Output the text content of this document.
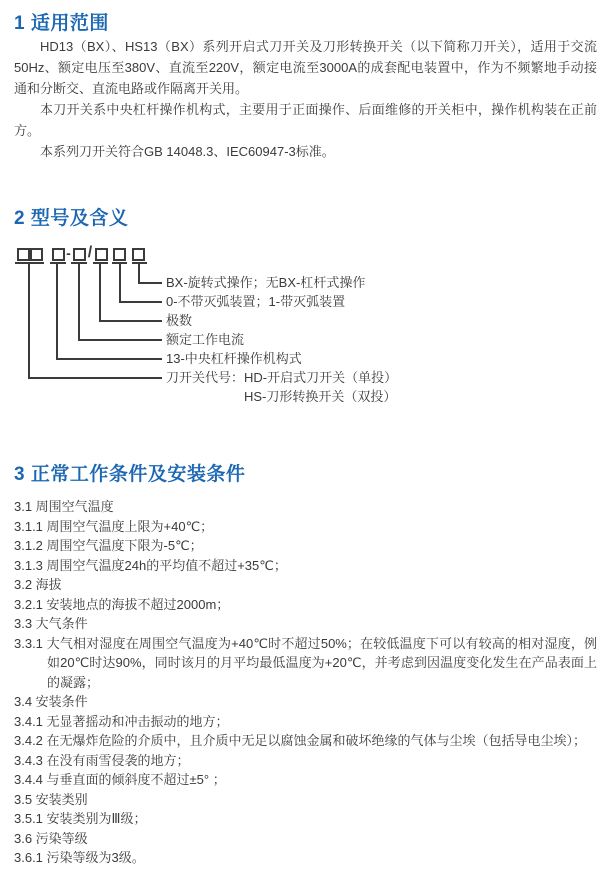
1 适用范围

HD13（BX）、HS13（BX）系列开启式刀开关及刀形转换开关（以下简称刀开关），适用于交流50Hz、额定电压至380V、直流至220V，额定电流至3000A的成套配电装置中，作为不频繁地手动接通和分断交、直流电路或作隔离开关用。

本刀开关系中央杠杆操作机构式，主要用于正面操作、后面维修的开关柜中，操作机构装在正前方。

本系列刀开关符合GB 14048.3、IEC60947-3标准。

2 型号及含义
- /
BX-旋转式操作；无BX-杠杆式操作
0-不带灭弧装置；1-带灭弧装置
极数
额定工作电流
13-中央杠杆操作机构式
刀开关代号：HD-开启式刀开关（单投）
HS-刀形转换开关（双投）
3 正常工作条件及安装条件

3.1 周围空气温度

3.1.1 周围空气温度上限为+40℃；

3.1.2 周围空气温度下限为-5℃；

3.1.3 周围空气温度24h的平均值不超过+35℃；

3.2 海拔

3.2.1 安装地点的海拔不超过2000m；

3.3 大气条件

3.3.1 大气相对湿度在周围空气温度为+40℃时不超过50%；在较低温度下可以有较高的相对湿度，例如20℃时达90%，同时该月的月平均最低温度为+20℃，并考虑到因温度变化发生在产品表面上的凝露；

3.4 安装条件

3.4.1 无显著摇动和冲击振动的地方；

3.4.2 在无爆炸危险的介质中，且介质中无足以腐蚀金属和破坏绝缘的气体与尘埃（包括导电尘埃）；

3.4.3 在没有雨雪侵袭的地方；

3.4.4 与垂直面的倾斜度不超过±5° ；

3.5 安装类别

3.5.1 安装类别为Ⅲ级；

3.6 污染等级

3.6.1 污染等级为3级。
